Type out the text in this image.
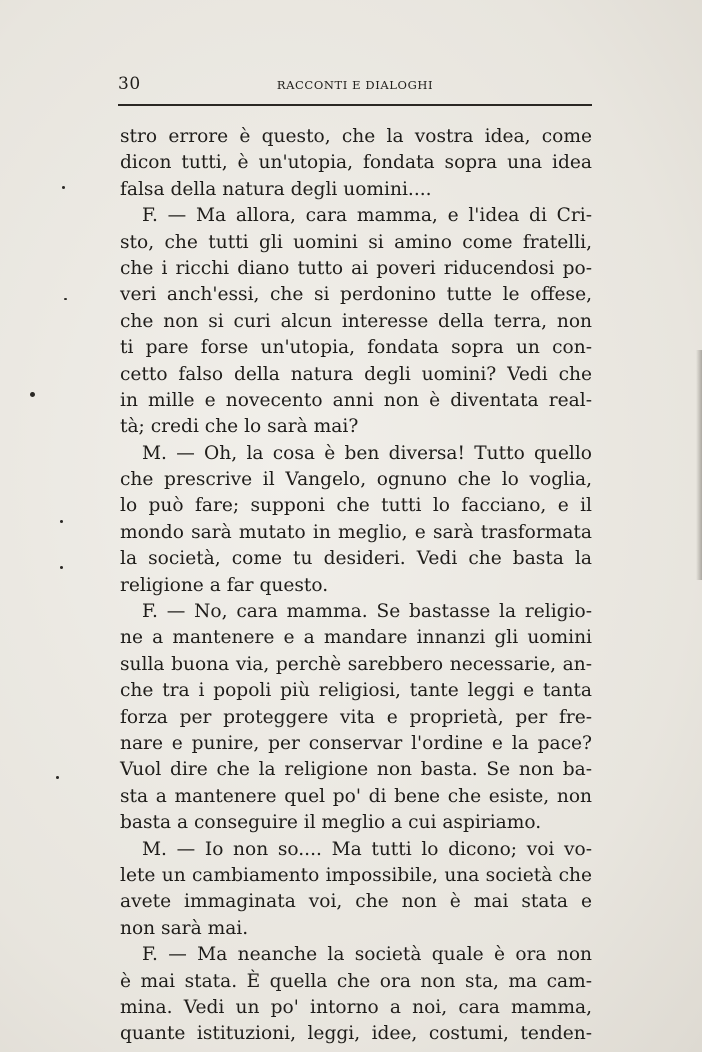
30	RACCONTI E DIALOGHI
stro errore è questo, che la vostra idea, come
dicon tutti, è un'utopia, fondata sopra una idea
falsa della natura degli uomini....
F. — Ma allora, cara mamma, e l'idea di Cri-
sto, che tutti gli uomini si amino come fratelli,
che i ricchi diano tutto ai poveri riducendosi po-
veri anch'essi, che si perdonino tutte le offese,
che non si curi alcun interesse della terra, non
ti pare forse un'utopia, fondata sopra un con-
cetto falso della natura degli uomini? Vedi che
in mille e novecento anni non è diventata real-
tà; credi che lo sarà mai?
M. — Oh, la cosa è ben diversa! Tutto quello
che prescrive il Vangelo, ognuno che lo voglia,
lo può fare; supponi che tutti lo facciano, e il
mondo sarà mutato in meglio, e sarà trasformata
la società, come tu desideri. Vedi che basta la
religione a far questo.
F. — No, cara mamma. Se bastasse la religio-
ne a mantenere e a mandare innanzi gli uomini
sulla buona via, perchè sarebbero necessarie, an-
che tra i popoli più religiosi, tante leggi e tanta
forza per proteggere vita e proprietà, per fre-
nare e punire, per conservar l'ordine e la pace?
Vuol dire che la religione non basta. Se non ba-
sta a mantenere quel po' di bene che esiste, non
basta a conseguire il meglio a cui aspiriamo.
M. — Io non so.... Ma tutti lo dicono; voi vo-
lete un cambiamento impossibile, una società che
avete immaginata voi, che non è mai stata e
non sarà mai.
F. — Ma neanche la società quale è ora non
è mai stata. È quella che ora non sta, ma cam-
mina. Vedi un po' intorno a noi, cara mamma,
quante istituzioni, leggi, idee, costumi, tenden-
